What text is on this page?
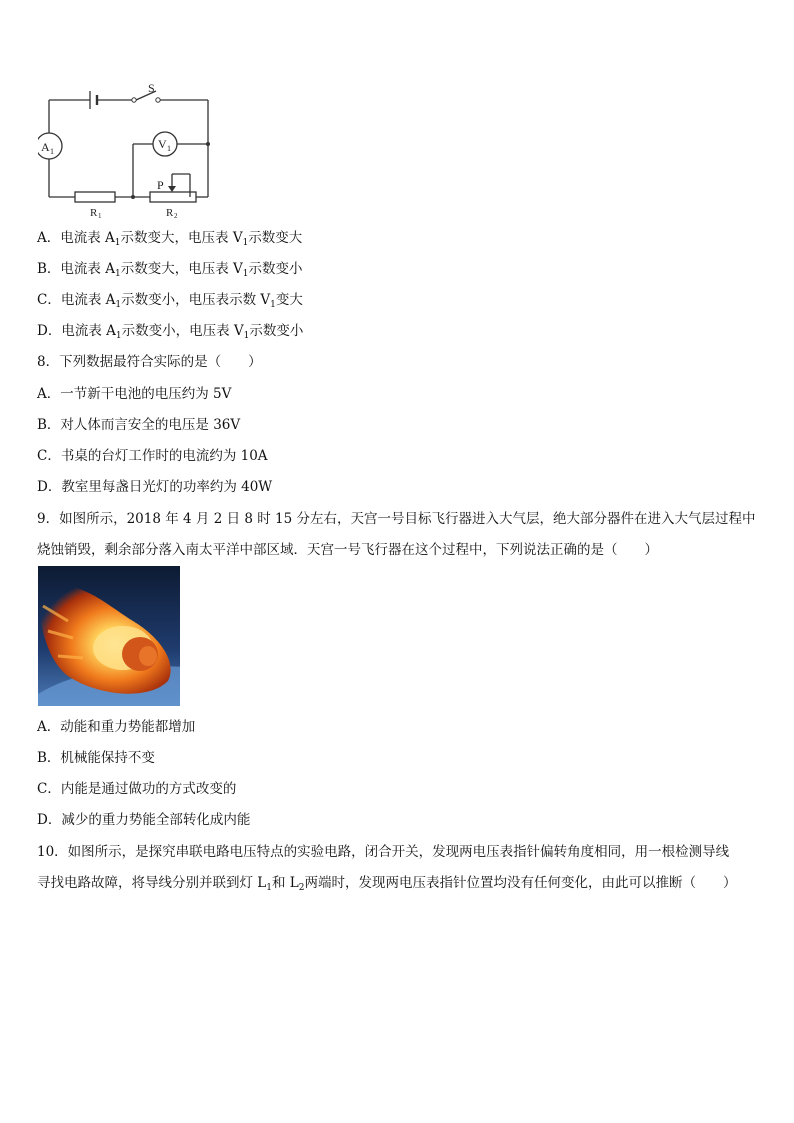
S
A 1
V 1
P
R 1	R 2
A．电流表 $A_1$示数变大，电压表 $V_1$示数变大
B．电流表 $A_1$示数变大，电压表 $V_1$示数变小
C．电流表 $A_1$示数变小，电压表示数 $V_1$变大
D．电流表 $A_1$示数变小，电压表 $V_1$示数变小
8．下列数据最符合实际的是（　　）
A．一节新干电池的电压约为 5V
B．对人体而言安全的电压是 36V
C．书桌的台灯工作时的电流约为 10A
D．教室里每盏日光灯的功率约为 40W
9．如图所示，2018 年 4 月 2 日 8 时 15 分左右，天宫一号目标飞行器进入大气层，绝大部分器件在进入大气层过程中
烧蚀销毁，剩余部分落入南太平洋中部区域．天宫一号飞行器在这个过程中，下列说法正确的是（　　）
A．动能和重力势能都增加
B．机械能保持不变
C．内能是通过做功的方式改变的
D．减少的重力势能全部转化成内能
10．如图所示，是探究串联电路电压特点的实验电路，闭合开关，发现两电压表指针偏转角度相同，用一根检测导线
寻找电路故障，将导线分别并联到灯 $L_1$和 $L_2$两端时，发现两电压表指针位置均没有任何变化，由此可以推断（　　）
